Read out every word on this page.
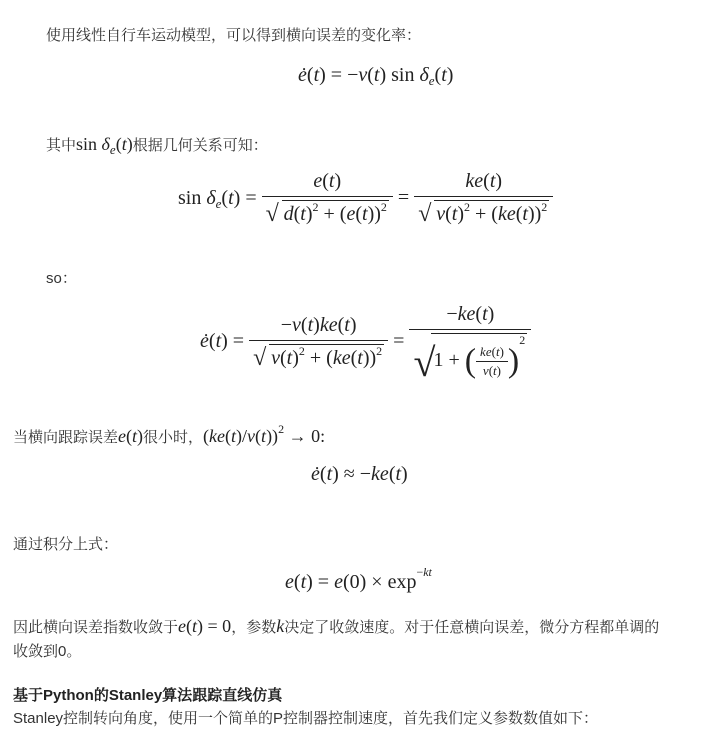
使用线性自行车运动模型，可以得到横向误差的变化率：
ė(t) = −v(t) $\sin \delta_e(t)$
其中$\sin \delta_e(t)$根据几何关系可知：
$\sin \delta_e(t) = \frac{e(t)}{√ d(t)^2 + (e(t))^2} = \frac{ke(t)}{√ v(t)^2 + (ke(t))^2}$
so：
ė(t) = $\frac{-v(t)ke(t)}{√ v(t)^2 + (ke(t))^2} = -ke(t)$
√
1 + ( $\frac{ke(t)}{v(t)} )^2$
当横向跟踪误差e(t)很小时，$(ke(t)/v(t))^2 \to 0$:
ė(t) ≈ −ke(t)
通过积分上式：
$e(t) = e(0) \times \exp^{-kt}$
因此横向误差指数收敛于e(t) = 0，参数k决定了收敛速度。对于任意横向误差，微分方程都单调的
收敛到0。
基于Python的Stanley算法跟踪直线仿真
Stanley控制转向角度，使用一个简单的P控制器控制速度，首先我们定义参数数值如下：
